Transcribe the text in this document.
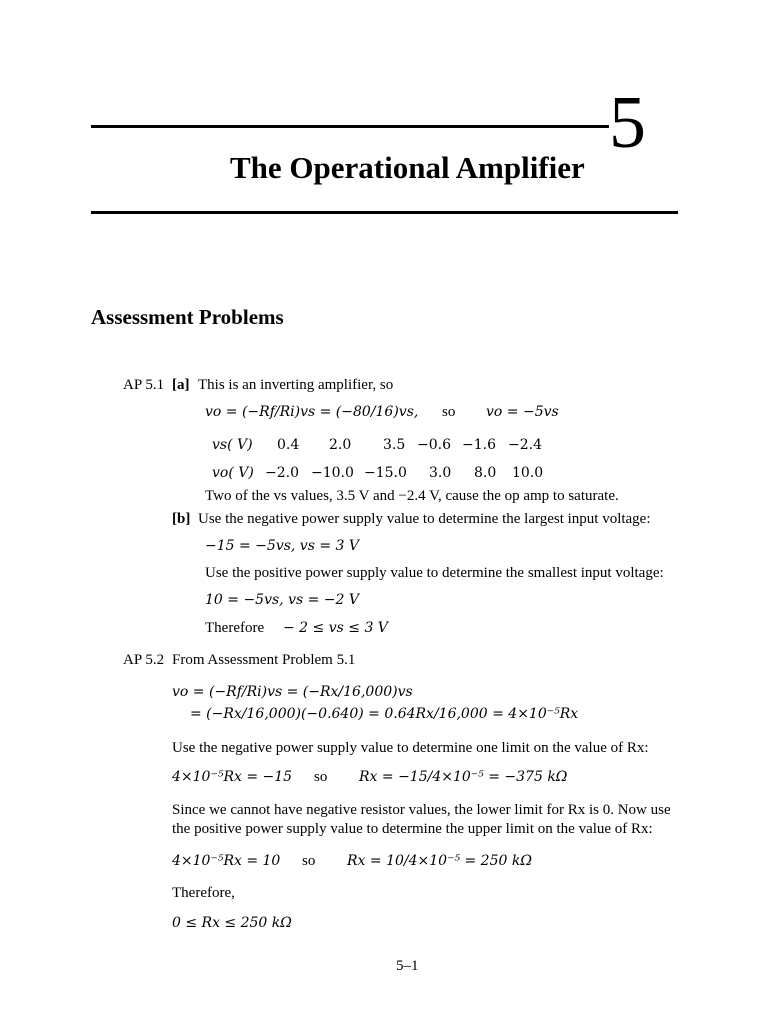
5
The Operational Amplifier
Assessment Problems
AP 5.1 [a] This is an inverting amplifier, so
vo = (−Rf/Ri)vs = (−80/16)vs, so vo = −5vs
vs( V) 0.4 2.0 3.5 −0.6 −1.6 −2.4
vo( V) −2.0 −10.0 −15.0 3.0 8.0 10.0
Two of the vs values, 3.5 V and −2.4 V, cause the op amp to saturate.
[b] Use the negative power supply value to determine the largest input voltage:
−15 = −5vs, vs = 3 V
Use the positive power supply value to determine the smallest input voltage:
10 = −5vs, vs = −2 V
Therefore − 2 ≤ vs ≤ 3 V
AP 5.2 From Assessment Problem 5.1
vo = (−Rf/Ri)vs = (−Rx/16,000)vs
= (−Rx/16,000)(−0.640) = 0.64Rx/16,000 = 4×10⁻⁵Rx
Use the negative power supply value to determine one limit on the value of Rx:
4×10⁻⁵Rx = −15 so Rx = −15/4×10⁻⁵ = −375 kΩ
Since we cannot have negative resistor values, the lower limit for Rx is 0. Now use
the positive power supply value to determine the upper limit on the value of Rx:
4×10⁻⁵Rx = 10 so Rx = 10/4×10⁻⁵ = 250 kΩ
Therefore,
0 ≤ Rx ≤ 250 kΩ
5–1
